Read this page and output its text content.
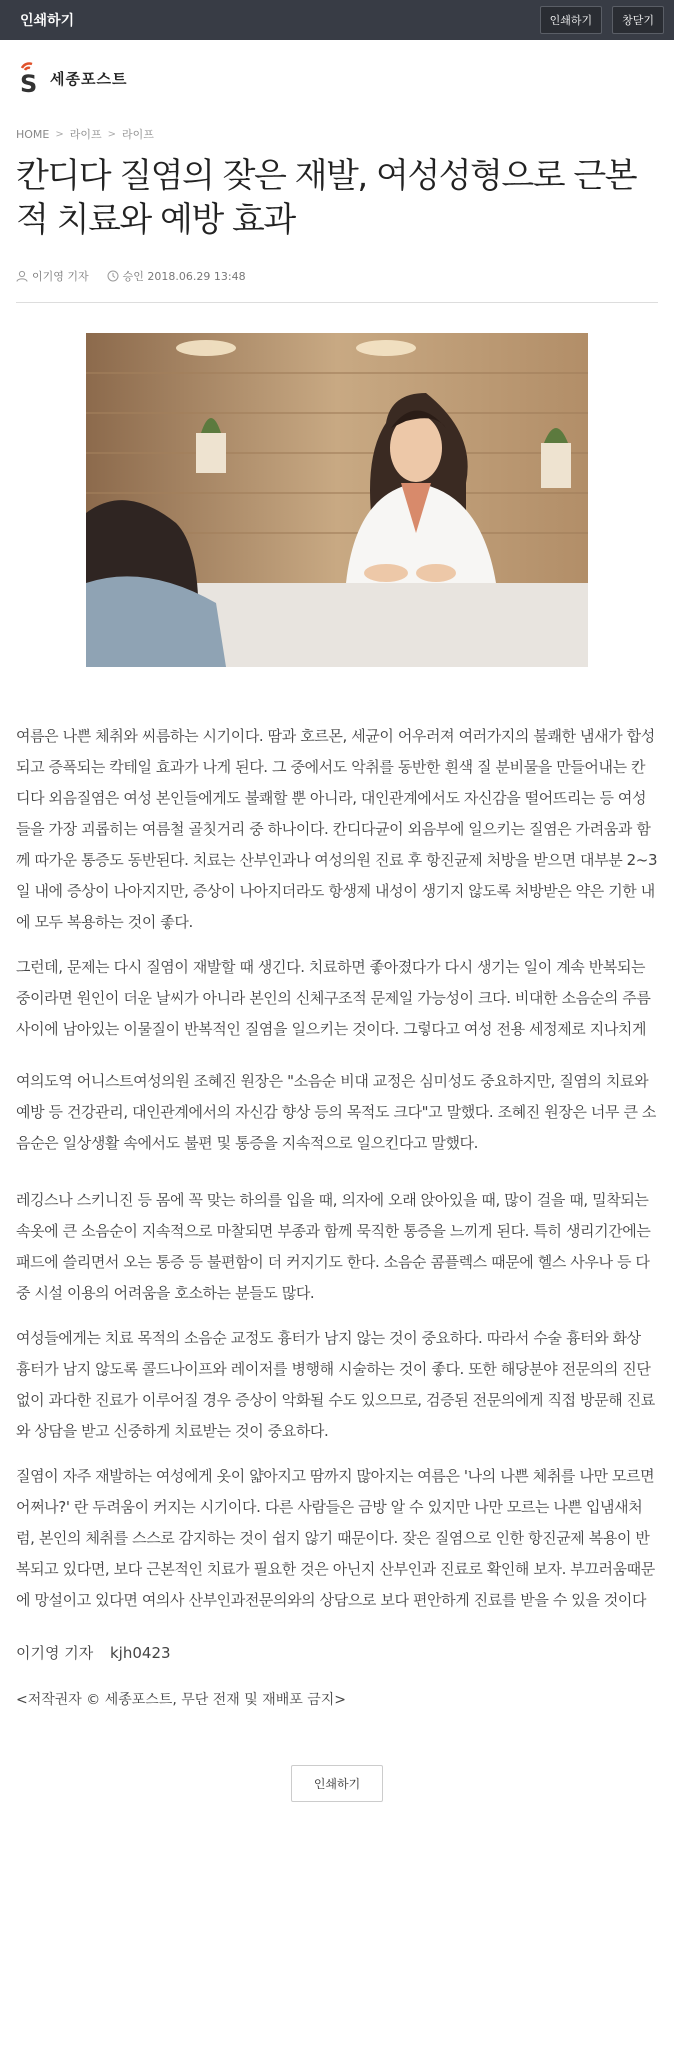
인쇄하기	인쇄하기	창닫기
S 세종포스트
HOME > 라이프 > 라이프
칸디다 질염의 잦은 재발, 여성성형으로 근본적 치료와 예방 효과
이기영 기자	승인 2018.06.29 13:48

여름은 나쁜 체취와 씨름하는 시기이다. 땀과 호르몬, 세균이 어우러져 여러가지의 불쾌한 냄새가 합성되고 증폭되는 칵테일 효과가 나게 된다. 그 중에서도 악취를 동반한 흰색 질 분비물을 만들어내는 칸디다 외음질염은 여성 본인들에게도 불쾌할 뿐 아니라, 대인관계에서도 자신감을 떨어뜨리는 등 여성들을 가장 괴롭히는 여름철 골칫거리 중 하나이다. 칸디다균이 외음부에 일으키는 질염은 가려움과 함께 따가운 통증도 동반된다. 치료는 산부인과나 여성의원 진료 후 항진균제 처방을 받으면 대부분 2~3일 내에 증상이 나아지지만, 증상이 나아지더라도 항생제 내성이 생기지 않도록 처방받은 약은 기한 내에 모두 복용하는 것이 좋다.

그런데, 문제는 다시 질염이 재발할 때 생긴다. 치료하면 좋아졌다가 다시 생기는 일이 계속 반복되는 중이라면 원인이 더운 날씨가 아니라 본인의 신체구조적 문제일 가능성이 크다. 비대한 소음순의 주름 사이에 남아있는 이물질이 반복적인 질염을 일으키는 것이다. 그렇다고 여성 전용 세정제로 지나치게

여의도역 어니스트여성의원 조혜진 원장은 "소음순 비대 교정은 심미성도 중요하지만, 질염의 치료와 예방 등 건강관리, 대인관계에서의 자신감 향상 등의 목적도 크다"고 말했다. 조혜진 원장은 너무 큰 소음순은 일상생활 속에서도 불편 및 통증을 지속적으로 일으킨다고 말했다.

레깅스나 스키니진 등 몸에 꼭 맞는 하의를 입을 때, 의자에 오래 앉아있을 때, 많이 걸을 때, 밀착되는 속옷에 큰 소음순이 지속적으로 마찰되면 부종과 함께 묵직한 통증을 느끼게 된다. 특히 생리기간에는 패드에 쓸리면서 오는 통증 등 불편함이 더 커지기도 한다. 소음순 콤플렉스 때문에 헬스 사우나 등 다중 시설 이용의 어려움을 호소하는 분들도 많다.

여성들에게는 치료 목적의 소음순 교정도 흉터가 남지 않는 것이 중요하다. 따라서 수술 흉터와 화상 흉터가 남지 않도록 콜드나이프와 레이저를 병행해 시술하는 것이 좋다. 또한 해당분야 전문의의 진단 없이 과다한 진료가 이루어질 경우 증상이 악화될 수도 있으므로, 검증된 전문의에게 직접 방문해 진료와 상담을 받고 신중하게 치료받는 것이 중요하다.

질염이 자주 재발하는 여성에게 옷이 얇아지고 땀까지 많아지는 여름은 '나의 나쁜 체취를 나만 모르면 어쩌나?' 란 두려움이 커지는 시기이다. 다른 사람들은 금방 알 수 있지만 나만 모르는 나쁜 입냄새처럼, 본인의 체취를 스스로 감지하는 것이 쉽지 않기 때문이다. 잦은 질염으로 인한 항진균제 복용이 반복되고 있다면, 보다 근본적인 치료가 필요한 것은 아닌지 산부인과 진료로 확인해 보자. 부끄러움때문에 망설이고 있다면 여의사 산부인과전문의와의 상담으로 보다 편안하게 진료를 받을 수 있을 것이다

이기영 기자 kjh0423
<저작권자 © 세종포스트, 무단 전재 및 재배포 금지>
인쇄하기
